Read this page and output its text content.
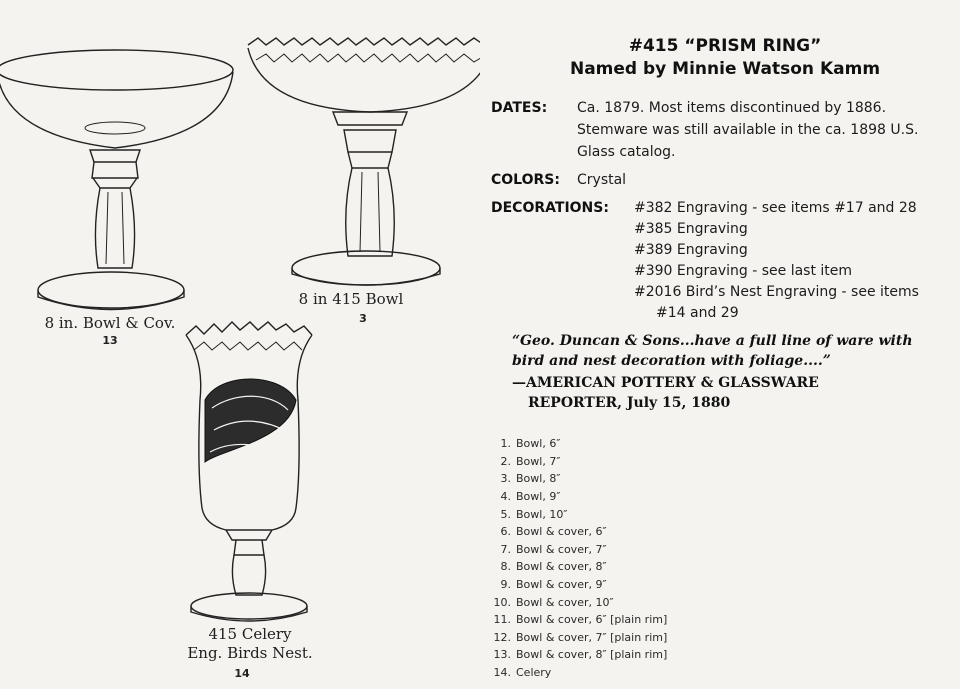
8 in. Bowl & Cov.
13
8 in 415 Bowl
3
415 Celery
Eng. Birds Nest.
14
#415 “PRISM RING”
Named by Minnie Watson Kamm
DATES: Ca. 1879. Most items discontinued by 1886.
Stemware was still available in the ca. 1898 U.S.
Glass catalog.
COLORS: Crystal
DECORATIONS: #382 Engraving - see items #17 and 28
#385 Engraving
#389 Engraving
#390 Engraving - see last item
#2016 Bird’s Nest Engraving - see items
#14 and 29
“Geo. Duncan & Sons...have a full line of ware with
bird and nest decoration with foliage....”
—AMERICAN POTTERY & GLASSWARE
REPORTER, July 15, 1880
1. Bowl, 6″
2. Bowl, 7″
3. Bowl, 8″
4. Bowl, 9″
5. Bowl, 10″
6. Bowl & cover, 6″
7. Bowl & cover, 7″
8. Bowl & cover, 8″
9. Bowl & cover, 9″
10. Bowl & cover, 10″
11. Bowl & cover, 6″ [plain rim]
12. Bowl & cover, 7″ [plain rim]
13. Bowl & cover, 8″ [plain rim]
14. Celery
